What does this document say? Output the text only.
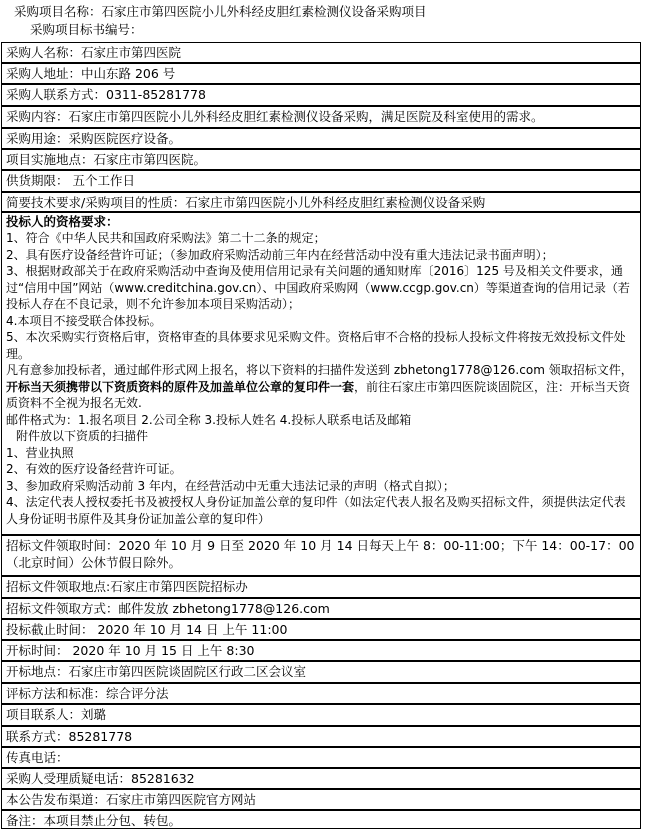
采购项目名称：石家庄市第四医院小儿外科经皮胆红素检测仪设备采购项目
采购项目标书编号：
采购人名称：石家庄市第四医院
采购人地址：中山东路 206 号
采购人联系方式：0311-85281778
采购内容：石家庄市第四医院小儿外科经皮胆红素检测仪设备采购，满足医院及科室使用的需求。
采购用途：采购医院医疗设备。
项目实施地点：石家庄市第四医院。
供货期限： 五个工作日
简要技术要求/采购项目的性质：石家庄市第四医院小儿外科经皮胆红素检测仪设备采购

投标人的资格要求：

1、符合《中华人民共和国政府采购法》第二十二条的规定；

2、具有医疗设备经营许可证；（参加政府采购活动前三年内在经营活动中没有重大违法记录书面声明）；

3、根据财政部关于在政府采购活动中查询及使用信用记录有关问题的通知财库〔2016〕125 号及相关文件要求，通过“信用中国”网站（www.creditchina.gov.cn）、中国政府采购网（www.ccgp.gov.cn）等渠道查询的信用记录（若投标人存在不良记录，则不允许参加本项目采购活动）；

4.本项目不接受联合体投标。

5、本次采购实行资格后审，资格审查的具体要求见采购文件。资格后审不合格的投标人投标文件将按无效投标文件处理。

凡有意参加投标者，通过邮件形式网上报名，将以下资料的扫描件发送到 zbhetong1778@126.com 领取招标文件，开标当天须携带以下资质资料的原件及加盖单位公章的复印件一套，前往石家庄市第四医院谈固院区，注：开标当天资质资料不全视为报名无效.

邮件格式为：1.报名项目 2.公司全称 3.投标人姓名 4.投标人联系电话及邮箱

附件放以下资质的扫描件

1、营业执照

2、有效的医疗设备经营许可证。

3、参加政府采购活动前 3 年内，在经营活动中无重大违法记录的声明（格式自拟）；

4、法定代表人授权委托书及被授权人身份证加盖公章的复印件（如法定代表人报名及购买招标文件，须提供法定代表人身份证明书原件及其身份证加盖公章的复印件）

招标文件领取时间：2020 年 10 月 9 日至 2020 年 10 月 14 日每天上午 8：00-11:00；下午 14：00-17：00（北京时间）公休节假日除外。
招标文件领取地点:石家庄市第四医院招标办
招标文件领取方式：邮件发放 zbhetong1778@126.com
投标截止时间： 2020 年 10 月 14 日 上午 11:00
开标时间： 2020 年 10 月 15 日 上午 8:30
开标地点：石家庄市第四医院谈固院区行政二区会议室
评标方法和标准：综合评分法
项目联系人：刘璐
联系方式：85281778
传真电话：
采购人受理质疑电话：85281632
本公告发布渠道：石家庄市第四医院官方网站
备注：本项目禁止分包、转包。
